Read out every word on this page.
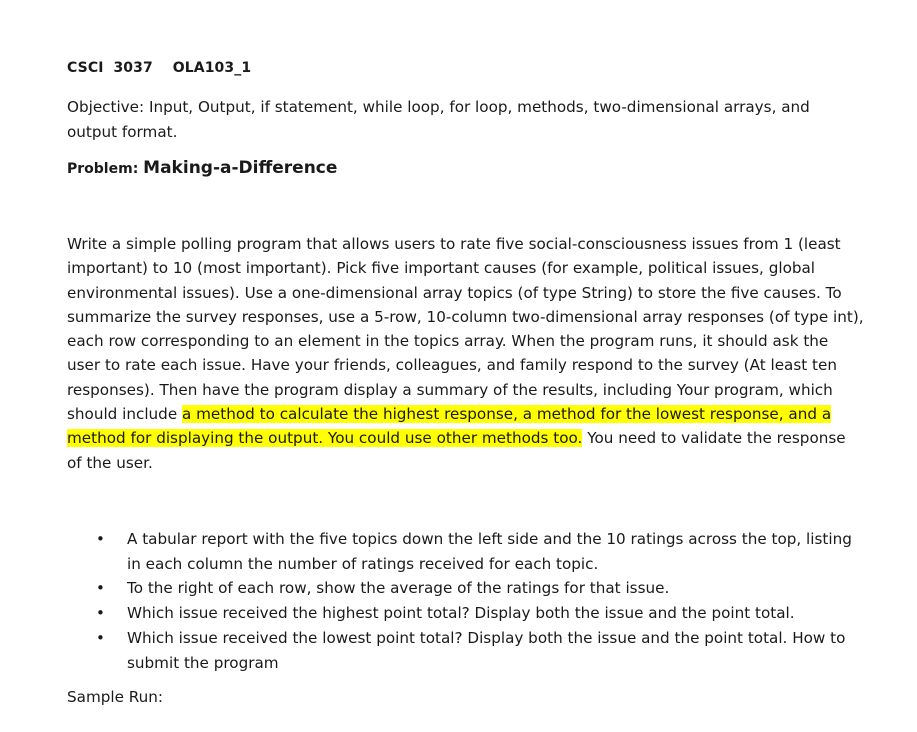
CSCI  3037 OLA103_1
Objective: Input, Output, if statement, while loop, for loop, methods, two-dimensional arrays, and
output format.
Problem: Making-a-Difference
Write a simple polling program that allows users to rate five social-consciousness issues from 1 (least
important) to 10 (most important). Pick five important causes (for example, political issues, global
environmental issues). Use a one-dimensional array topics (of type String) to store the five causes. To
summarize the survey responses, use a 5-row, 10-column two-dimensional array responses (of type int),
each row corresponding to an element in the topics array. When the program runs, it should ask the
user to rate each issue. Have your friends, colleagues, and family respond to the survey (At least ten
responses). Then have the program display a summary of the results, including Your program, which
should include a method to calculate the highest response, a method for the lowest response, and a
method for displaying the output. You could use other methods too. You need to validate the response
of the user.
• A tabular report with the five topics down the left side and the 10 ratings across the top, listing
in each column the number of ratings received for each topic.
• To the right of each row, show the average of the ratings for that issue.
• Which issue received the highest point total? Display both the issue and the point total.
• Which issue received the lowest point total? Display both the issue and the point total. How to
submit the program
Sample Run:
